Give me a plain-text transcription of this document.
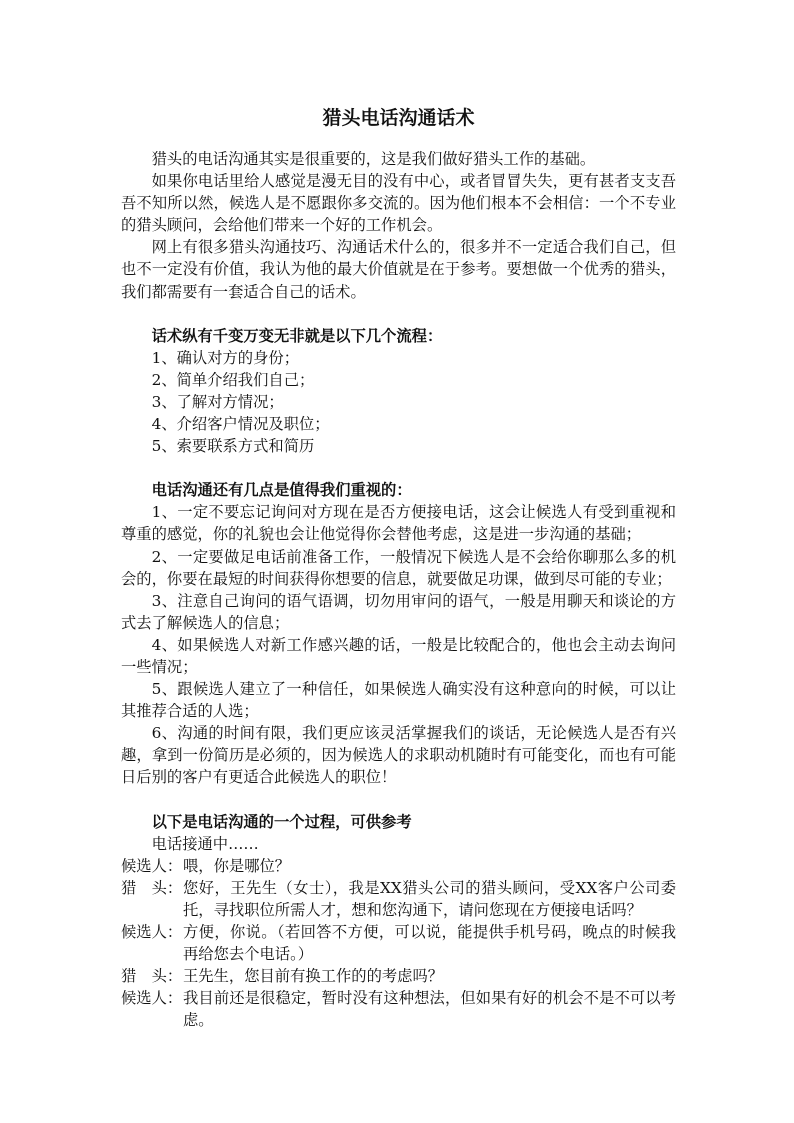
猎头电话沟通话术

猎头的电话沟通其实是很重要的，这是我们做好猎头工作的基础。

如果你电话里给人感觉是漫无目的没有中心，或者冒冒失失，更有甚者支支吾吾不知所以然，候选人是不愿跟你多交流的。因为他们根本不会相信：一个不专业的猎头顾问，会给他们带来一个好的工作机会。

网上有很多猎头沟通技巧、沟通话术什么的，很多并不一定适合我们自己，但也不一定没有价值，我认为他的最大价值就是在于参考。要想做一个优秀的猎头，我们都需要有一套适合自己的话术。

话术纵有千变万变无非就是以下几个流程：

1、确认对方的身份；

2、简单介绍我们自己；

3、了解对方情况；

4、介绍客户情况及职位；

5、索要联系方式和简历

电话沟通还有几点是值得我们重视的：

1、一定不要忘记询问对方现在是否方便接电话，这会让候选人有受到重视和尊重的感觉，你的礼貌也会让他觉得你会替他考虑，这是进一步沟通的基础；

2、一定要做足电话前准备工作，一般情况下候选人是不会给你聊那么多的机会的，你要在最短的时间获得你想要的信息，就要做足功课，做到尽可能的专业；

3、注意自己询问的语气语调，切勿用审问的语气，一般是用聊天和谈论的方式去了解候选人的信息；

4、如果候选人对新工作感兴趣的话，一般是比较配合的，他也会主动去询问一些情况；

5、跟候选人建立了一种信任，如果候选人确实没有这种意向的时候，可以让其推荐合适的人选；

6、沟通的时间有限，我们更应该灵活掌握我们的谈话，无论候选人是否有兴趣，拿到一份简历是必须的，因为候选人的求职动机随时有可能变化，而也有可能日后别的客户有更适合此候选人的职位！

以下是电话沟通的一个过程，可供参考

电话接通中……

候选人： 喂，你是哪位？
猎　头： 您好，王先生（女士），我是XX猎头公司的猎头顾问，受XX客户公司委托，寻找职位所需人才，想和您沟通下，请问您现在方便接电话吗？
候选人： 方便，你说。（若回答不方便，可以说，能提供手机号码，晚点的时候我再给您去个电话。）
猎　头： 王先生，您目前有换工作的的考虑吗？
候选人： 我目前还是很稳定，暂时没有这种想法，但如果有好的机会不是不可以考虑。
